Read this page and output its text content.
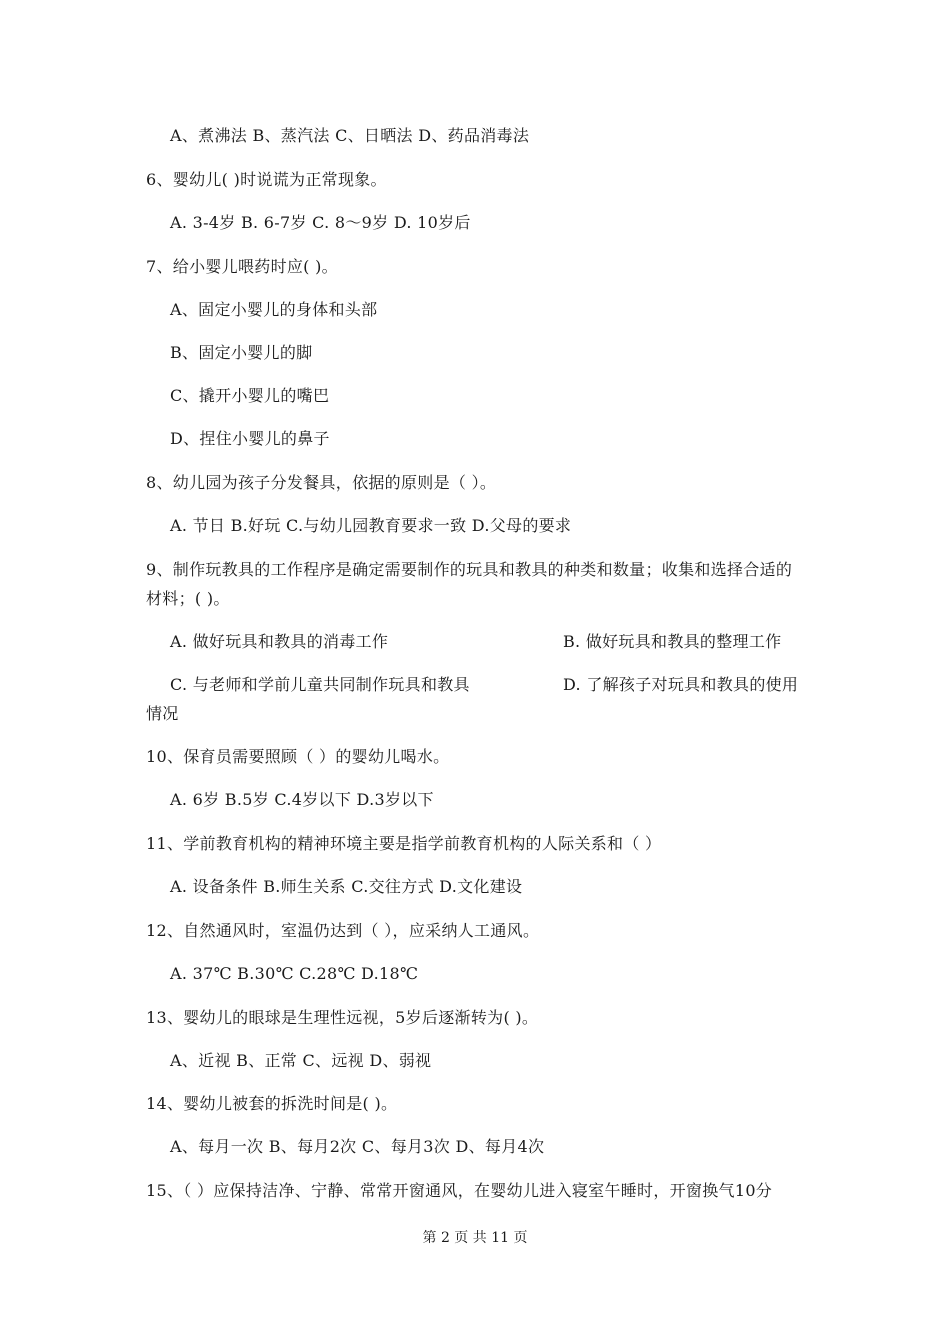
A、煮沸法 B、蒸汽法 C、日晒法 D、药品消毒法
6、婴幼儿( )时说谎为正常现象。
A. 3-4岁 B. 6-7岁 C. 8～9岁 D. 10岁后
7、给小婴儿喂药时应( )。
A、固定小婴儿的身体和头部
B、固定小婴儿的脚
C、撬开小婴儿的嘴巴
D、捏住小婴儿的鼻子
8、幼儿园为孩子分发餐具，依据的原则是（ ）。
A. 节日 B.好玩 C.与幼儿园教育要求一致 D.父母的要求
9、制作玩教具的工作程序是确定需要制作的玩具和教具的种类和数量；收集和选择合适的
材料；( )。
A. 做好玩具和教具的消毒工作	B. 做好玩具和教具的整理工作
C. 与老师和学前儿童共同制作玩具和教具	D. 了解孩子对玩具和教具的使用
情况
10、保育员需要照顾（ ）的婴幼儿喝水。
A. 6岁 B.5岁 C.4岁以下 D.3岁以下
11、学前教育机构的精神环境主要是指学前教育机构的人际关系和（ ）
A. 设备条件 B.师生关系 C.交往方式 D.文化建设
12、自然通风时，室温仍达到（ ），应采纳人工通风。
A. 37℃ B.30℃ C.28℃ D.18℃
13、婴幼儿的眼球是生理性远视，5岁后逐渐转为( )。
A、近视 B、正常 C、远视 D、弱视
14、婴幼儿被套的拆洗时间是( )。
A、每月一次 B、每月2次 C、每月3次 D、每月4次
15、（ ）应保持洁净、宁静、常常开窗通风，在婴幼儿进入寝室午睡时，开窗换气10分
第 2 页 共 11 页
